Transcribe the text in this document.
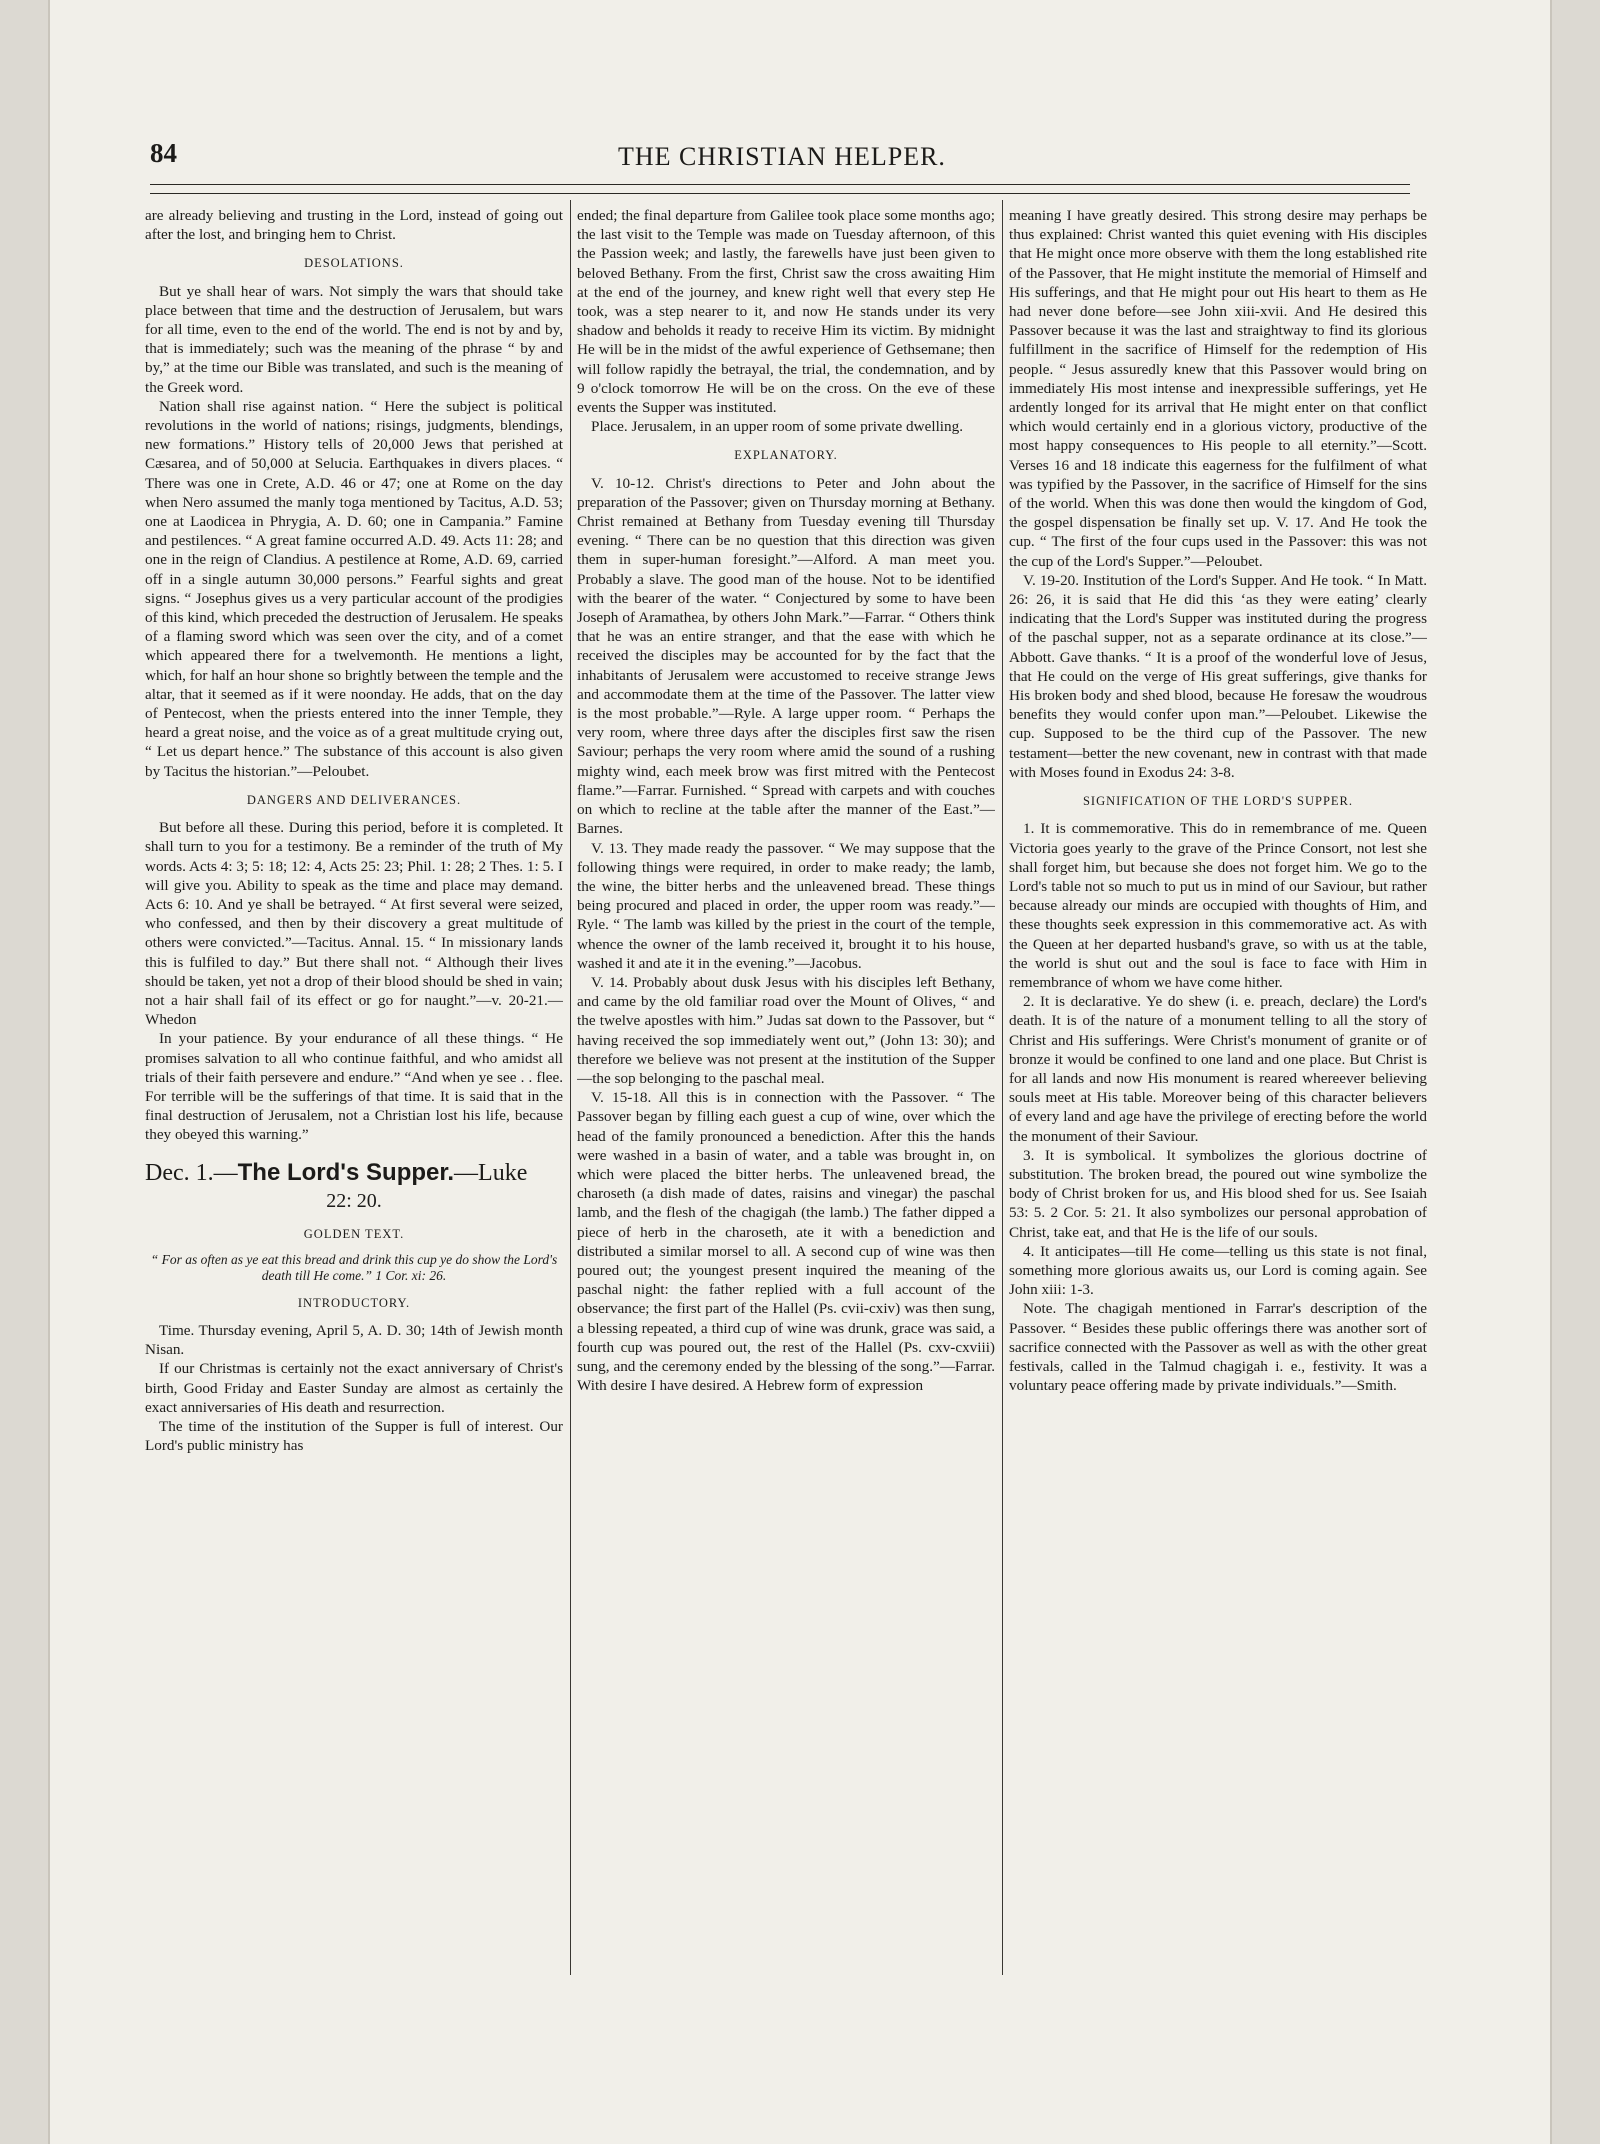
84	THE CHRISTIAN HELPER.

are already believing and trusting in the Lord, instead of going out after the lost, and bringing hem to Christ.

DESOLATIONS.

But ye shall hear of wars. Not simply the wars that should take place between that time and the destruction of Jerusalem, but wars for all time, even to the end of the world. The end is not by and by, that is immediately; such was the meaning of the phrase “ by and by,” at the time our Bible was translated, and such is the meaning of the Greek word.

Nation shall rise against nation. “ Here the subject is political revolutions in the world of nations; risings, judgments, blendings, new formations.” History tells of 20,000 Jews that perished at Cæsarea, and of 50,000 at Selucia. Earthquakes in divers places. “ There was one in Crete, A.D. 46 or 47; one at Rome on the day when Nero assumed the manly toga mentioned by Tacitus, A.D. 53; one at Laodicea in Phrygia, A. D. 60; one in Campania.” Famine and pestilences. “ A great famine occurred A.D. 49. Acts 11: 28; and one in the reign of Clandius. A pestilence at Rome, A.D. 69, carried off in a single autumn 30,000 persons.” Fearful sights and great signs. “ Josephus gives us a very particular account of the prodigies of this kind, which preceded the destruction of Jerusalem. He speaks of a flaming sword which was seen over the city, and of a comet which appeared there for a twelvemonth. He mentions a light, which, for half an hour shone so brightly between the temple and the altar, that it seemed as if it were noonday. He adds, that on the day of Pentecost, when the priests entered into the inner Temple, they heard a great noise, and the voice as of a great multitude crying out, “ Let us depart hence.” The substance of this account is also given by Tacitus the historian.”—Peloubet.

DANGERS AND DELIVERANCES.

But before all these. During this period, before it is completed. It shall turn to you for a testimony. Be a reminder of the truth of My words. Acts 4: 3; 5: 18; 12: 4, Acts 25: 23; Phil. 1: 28; 2 Thes. 1: 5. I will give you. Ability to speak as the time and place may demand. Acts 6: 10. And ye shall be betrayed. “ At first several were seized, who confessed, and then by their discovery a great multitude of others were convicted.”—Tacitus. Annal. 15. “ In missionary lands this is fulfiled to day.” But there shall not. “ Although their lives should be taken, yet not a drop of their blood should be shed in vain; not a hair shall fail of its effect or go for naught.”—v. 20-21.—Whedon

In your patience. By your endurance of all these things. “ He promises salvation to all who continue faithful, and who amidst all trials of their faith persevere and endure.” “And when ye see . . flee. For terrible will be the sufferings of that time. It is said that in the final destruction of Jerusalem, not a Christian lost his life, because they obeyed this warning.”

Dec. 1.—The Lord's Supper.—Luke
22: 20.
GOLDEN TEXT.
“ For as often as ye eat this bread and drink this cup ye do show the Lord's death till He come.” 1 Cor. xi: 26.
INTRODUCTORY.

Time. Thursday evening, April 5, A. D. 30; 14th of Jewish month Nisan.

If our Christmas is certainly not the exact anniversary of Christ's birth, Good Friday and Easter Sunday are almost as certainly the exact anniversaries of His death and resurrection.

The time of the institution of the Supper is full of interest. Our Lord's public ministry has

ended; the final departure from Galilee took place some months ago; the last visit to the Temple was made on Tuesday afternoon, of this the Passion week; and lastly, the farewells have just been given to beloved Bethany. From the first, Christ saw the cross awaiting Him at the end of the journey, and knew right well that every step He took, was a step nearer to it, and now He stands under its very shadow and beholds it ready to receive Him its victim. By midnight He will be in the midst of the awful experience of Gethsemane; then will follow rapidly the betrayal, the trial, the condemnation, and by 9 o'clock tomorrow He will be on the cross. On the eve of these events the Supper was instituted.

Place. Jerusalem, in an upper room of some private dwelling.

EXPLANATORY.

V. 10-12. Christ's directions to Peter and John about the preparation of the Passover; given on Thursday morning at Bethany. Christ remained at Bethany from Tuesday evening till Thursday evening. “ There can be no question that this direction was given them in super-human foresight.”—Alford. A man meet you. Probably a slave. The good man of the house. Not to be identified with the bearer of the water. “ Conjectured by some to have been Joseph of Aramathea, by others John Mark.”—Farrar. “ Others think that he was an entire stranger, and that the ease with which he received the disciples may be accounted for by the fact that the inhabitants of Jerusalem were accustomed to receive strange Jews and accommodate them at the time of the Passover. The latter view is the most probable.”—Ryle. A large upper room. “ Perhaps the very room, where three days after the disciples first saw the risen Saviour; perhaps the very room where amid the sound of a rushing mighty wind, each meek brow was first mitred with the Pentecost flame.”—Farrar. Furnished. “ Spread with carpets and with couches on which to recline at the table after the manner of the East.”—Barnes.

V. 13. They made ready the passover. “ We may suppose that the following things were required, in order to make ready; the lamb, the wine, the bitter herbs and the unleavened bread. These things being procured and placed in order, the upper room was ready.”—Ryle. “ The lamb was killed by the priest in the court of the temple, whence the owner of the lamb received it, brought it to his house, washed it and ate it in the evening.”—Jacobus.

V. 14. Probably about dusk Jesus with his disciples left Bethany, and came by the old familiar road over the Mount of Olives, “ and the twelve apostles with him.” Judas sat down to the Passover, but “ having received the sop immediately went out,” (John 13: 30); and therefore we believe was not present at the institution of the Supper—the sop belonging to the paschal meal.

V. 15-18. All this is in connection with the Passover. “ The Passover began by filling each guest a cup of wine, over which the head of the family pronounced a benediction. After this the hands were washed in a basin of water, and a table was brought in, on which were placed the bitter herbs. The unleavened bread, the charoseth (a dish made of dates, raisins and vinegar) the paschal lamb, and the flesh of the chagigah (the lamb.) The father dipped a piece of herb in the charoseth, ate it with a benediction and distributed a similar morsel to all. A second cup of wine was then poured out; the youngest present inquired the meaning of the paschal night: the father replied with a full account of the observance; the first part of the Hallel (Ps. cvii-cxiv) was then sung, a blessing repeated, a third cup of wine was drunk, grace was said, a fourth cup was poured out, the rest of the Hallel (Ps. cxv-cxviii) sung, and the ceremony ended by the blessing of the song.”—Farrar. With desire I have desired. A Hebrew form of expression

meaning I have greatly desired. This strong desire may perhaps be thus explained: Christ wanted this quiet evening with His disciples that He might once more observe with them the long established rite of the Passover, that He might institute the memorial of Himself and His sufferings, and that He might pour out His heart to them as He had never done before—see John xiii-xvii. And He desired this Passover because it was the last and straightway to find its glorious fulfillment in the sacrifice of Himself for the redemption of His people. “ Jesus assuredly knew that this Passover would bring on immediately His most intense and inexpressible sufferings, yet He ardently longed for its arrival that He might enter on that conflict which would certainly end in a glorious victory, productive of the most happy consequences to His people to all eternity.”—Scott. Verses 16 and 18 indicate this eagerness for the fulfilment of what was typified by the Passover, in the sacrifice of Himself for the sins of the world. When this was done then would the kingdom of God, the gospel dispensation be finally set up. V. 17. And He took the cup. “ The first of the four cups used in the Passover: this was not the cup of the Lord's Supper.”—Peloubet.

V. 19-20. Institution of the Lord's Supper. And He took. “ In Matt. 26: 26, it is said that He did this ‘as they were eating’ clearly indicating that the Lord's Supper was instituted during the progress of the paschal supper, not as a separate ordinance at its close.”—Abbott. Gave thanks. “ It is a proof of the wonderful love of Jesus, that He could on the verge of His great sufferings, give thanks for His broken body and shed blood, because He foresaw the woudrous benefits they would confer upon man.”—Peloubet. Likewise the cup. Supposed to be the third cup of the Passover. The new testament—better the new covenant, new in contrast with that made with Moses found in Exodus 24: 3-8.

SIGNIFICATION OF THE LORD'S SUPPER.

1. It is commemorative. This do in remembrance of me. Queen Victoria goes yearly to the grave of the Prince Consort, not lest she shall forget him, but because she does not forget him. We go to the Lord's table not so much to put us in mind of our Saviour, but rather because already our minds are occupied with thoughts of Him, and these thoughts seek expression in this commemorative act. As with the Queen at her departed husband's grave, so with us at the table, the world is shut out and the soul is face to face with Him in remembrance of whom we have come hither.

2. It is declarative. Ye do shew (i. e. preach, declare) the Lord's death. It is of the nature of a monument telling to all the story of Christ and His sufferings. Were Christ's monument of granite or of bronze it would be confined to one land and one place. But Christ is for all lands and now His monument is reared whereever believing souls meet at His table. Moreover being of this character believers of every land and age have the privilege of erecting before the world the monument of their Saviour.

3. It is symbolical. It symbolizes the glorious doctrine of substitution. The broken bread, the poured out wine symbolize the body of Christ broken for us, and His blood shed for us. See Isaiah 53: 5. 2 Cor. 5: 21. It also symbolizes our personal approbation of Christ, take eat, and that He is the life of our souls.

4. It anticipates—till He come—telling us this state is not final, something more glorious awaits us, our Lord is coming again. See John xiii: 1-3.

Note. The chagigah mentioned in Farrar's description of the Passover. “ Besides these public offerings there was another sort of sacrifice connected with the Passover as well as with the other great festivals, called in the Talmud chagigah i. e., festivity. It was a voluntary peace offering made by private individuals.”—Smith.
